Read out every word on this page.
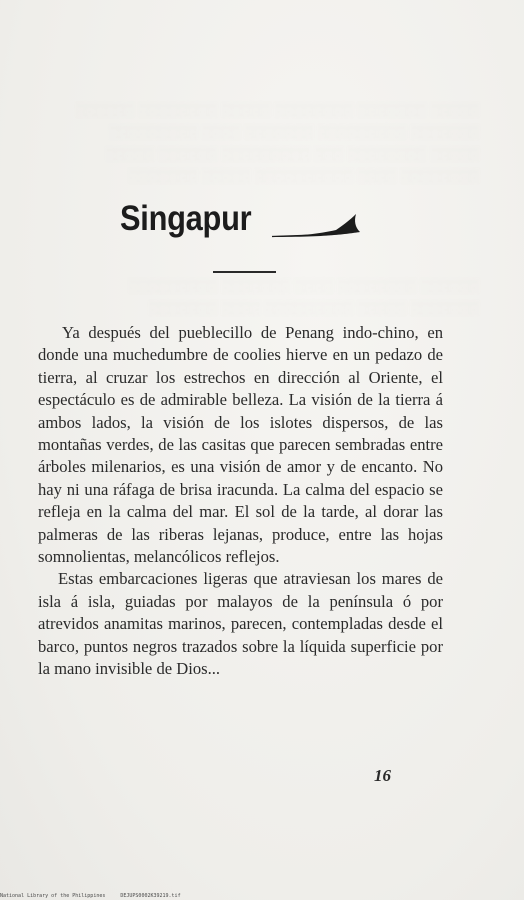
░░░░░ ░░░░░░░ ░░░░░░░░ ░░░░░ ░░░░░░░░ ░░░░░░
░░░░░░░ ░░░░░░░░░ ░░░░░░░ ░░░░ ░░░░░░░░░
░░░░░ ░░░░░░░░ ░░░ ░░░░░░░░░ ░░░░░░ ░░░░░
░░░░░░░░ ░░░░ ░░░░░░░░░░ ░░░░░ ░░░░░░░

░░░░░░ ░░░░░░░░ ░░░░ ░░░░░░░ ░░░░░░░░░
░░░░░░░ ░░░░░ ░░░░░░░░░ ░░░░ ░░░░░░░

Singapur

Ya después del pueblecillo de Penang indo-chino, en donde una muchedumbre de coolies hierve en un pedazo de tierra, al cruzar los estrechos en dirección al Oriente, el espectáculo es de admirable belleza. La visión de la tierra á ambos lados, la visión de los islotes dispersos, de las montañas verdes, de las casitas que parecen sembradas entre árboles milenarios, es una visión de amor y de encanto. No hay ni una ráfaga de brisa iracunda. La calma del espacio se refleja en la calma del mar. El sol de la tarde, al dorar las palmeras de las riberas lejanas, produce, entre las hojas somnolientas, melancólicos reflejos.

Estas embarcaciones ligeras que atraviesan los mares de isla á isla, guiadas por malayos de la península ó por atrevidos anamitas marinos, parecen, contempladas desde el barco, puntos negros trazados sobre la líquida superficie por la mano invisible de Dios...

16
National Library of the Philippines	DEJUPS0002K39219.tif
